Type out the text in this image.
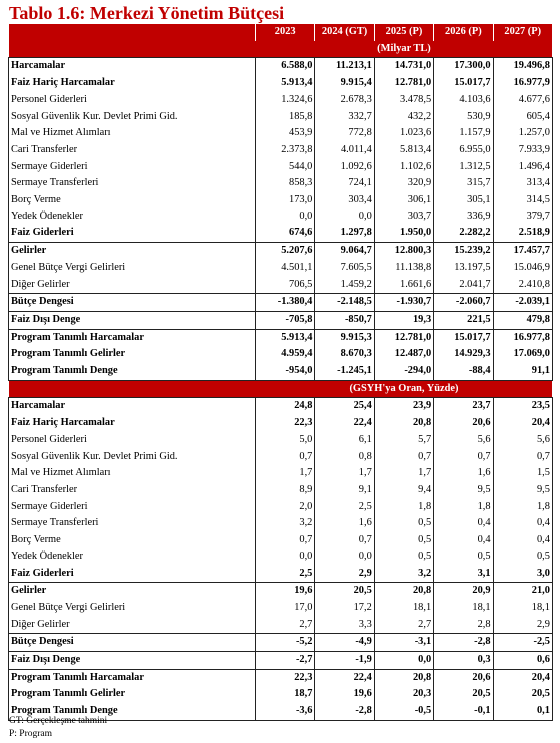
Tablo 1.6: Merkezi Yönetim Bütçesi
	2023	2024 (GT)	2025 (P)	2026 (P)	2027 (P)
	(Milyar TL)				
Harcamalar	6.588,0	11.213,1	14.731,0	17.300,0	19.496,8
Faiz Hariç Harcamalar	5.913,4	9.915,4	12.781,0	15.017,7	16.977,9
Personel Giderleri	1.324,6	2.678,3	3.478,5	4.103,6	4.677,6
Sosyal Güvenlik Kur. Devlet Primi Gid.	185,8	332,7	432,2	530,9	605,4
Mal ve Hizmet Alımları	453,9	772,8	1.023,6	1.157,9	1.257,0
Cari Transferler	2.373,8	4.011,4	5.813,4	6.955,0	7.933,9
Sermaye Giderleri	544,0	1.092,6	1.102,6	1.312,5	1.496,4
Sermaye Transferleri	858,3	724,1	320,9	315,7	313,4
Borç Verme	173,0	303,4	306,1	305,1	314,5
Yedek Ödenekler	0,0	0,0	303,7	336,9	379,7
Faiz Giderleri	674,6	1.297,8	1.950,0	2.282,2	2.518,9
Gelirler	5.207,6	9.064,7	12.800,3	15.239,2	17.457,7
Genel Bütçe Vergi Gelirleri	4.501,1	7.605,5	11.138,8	13.197,5	15.046,9
Diğer Gelirler	706,5	1.459,2	1.661,6	2.041,7	2.410,8
Bütçe Dengesi	-1.380,4	-2.148,5	-1.930,7	-2.060,7	-2.039,1
Faiz Dışı Denge	-705,8	-850,7	19,3	221,5	479,8
Program Tanımlı Harcamalar	5.913,4	9.915,3	12.781,0	15.017,7	16.977,8
Program Tanımlı Gelirler	4.959,4	8.670,3	12.487,0	14.929,3	17.069,0
Program Tanımlı Denge	-954,0	-1.245,1	-294,0	-88,4	91,1
	(GSYH'ya Oran, Yüzde)				
Harcamalar	24,8	25,4	23,9	23,7	23,5
Faiz Hariç Harcamalar	22,3	22,4	20,8	20,6	20,4
Personel Giderleri	5,0	6,1	5,7	5,6	5,6
Sosyal Güvenlik Kur. Devlet Primi Gid.	0,7	0,8	0,7	0,7	0,7
Mal ve Hizmet Alımları	1,7	1,7	1,7	1,6	1,5
Cari Transferler	8,9	9,1	9,4	9,5	9,5
Sermaye Giderleri	2,0	2,5	1,8	1,8	1,8
Sermaye Transferleri	3,2	1,6	0,5	0,4	0,4
Borç Verme	0,7	0,7	0,5	0,4	0,4
Yedek Ödenekler	0,0	0,0	0,5	0,5	0,5
Faiz Giderleri	2,5	2,9	3,2	3,1	3,0
Gelirler	19,6	20,5	20,8	20,9	21,0
Genel Bütçe Vergi Gelirleri	17,0	17,2	18,1	18,1	18,1
Diğer Gelirler	2,7	3,3	2,7	2,8	2,9
Bütçe Dengesi	-5,2	-4,9	-3,1	-2,8	-2,5
Faiz Dışı Denge	-2,7	-1,9	0,0	0,3	0,6
Program Tanımlı Harcamalar	22,3	22,4	20,8	20,6	20,4
Program Tanımlı Gelirler	18,7	19,6	20,3	20,5	20,5
Program Tanımlı Denge	-3,6	-2,8	-0,5	-0,1	0,1
GT: Gerçekleşme tahmini
P: Program
